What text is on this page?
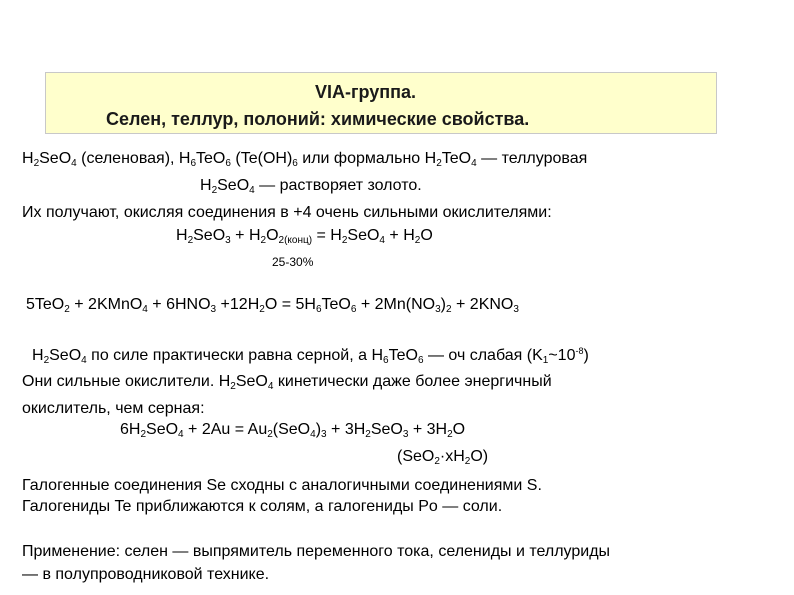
VIA-группа.
Селен, теллур, полоний: химические свойства.
$H_2SeO_4$ (селеновая), $H_6TeO_6$ ($Te(OH)_6$ или формально $H_2TeO_4$ — теллуровая
$H_2SeO_4$ — растворяет золото.
Их получают, окисляя соединения в +4 очень сильными окислителями:
$H_2SeO_3 + H_2O_{2(конц)} = H_2SeO_4 + H_2O$
25-30%
5TeO$_2$ + 2KMnO$_4$ + $6HNO_3 +12H_2O = 5H_6TeO_6 + 2Mn(NO_3)_2 + 2KNO_3$
$H_2SeO_4$ по силе практически равна серной, а $H_6TeO_6$ — оч слабая $(K_1\sim 10^{-8})$
Они сильные окислители. $H_2SeO_4$ кинетически даже более энергичный
окислитель, чем серная:
$6H_2SeO_4 + 2Au = Au_2(SeO_4)_3 + 3H_2SeO_3 + 3H_2O$
$(SeO_2\cdot xH_2O)$
Галогенные соединения Se сходны с аналогичными соединениями S.
Галогениды Te приближаются к солям, а галогениды Po — соли.
Применение: селен — выпрямитель переменного тока, селениды и теллуриды
— в полупроводниковой технике.
